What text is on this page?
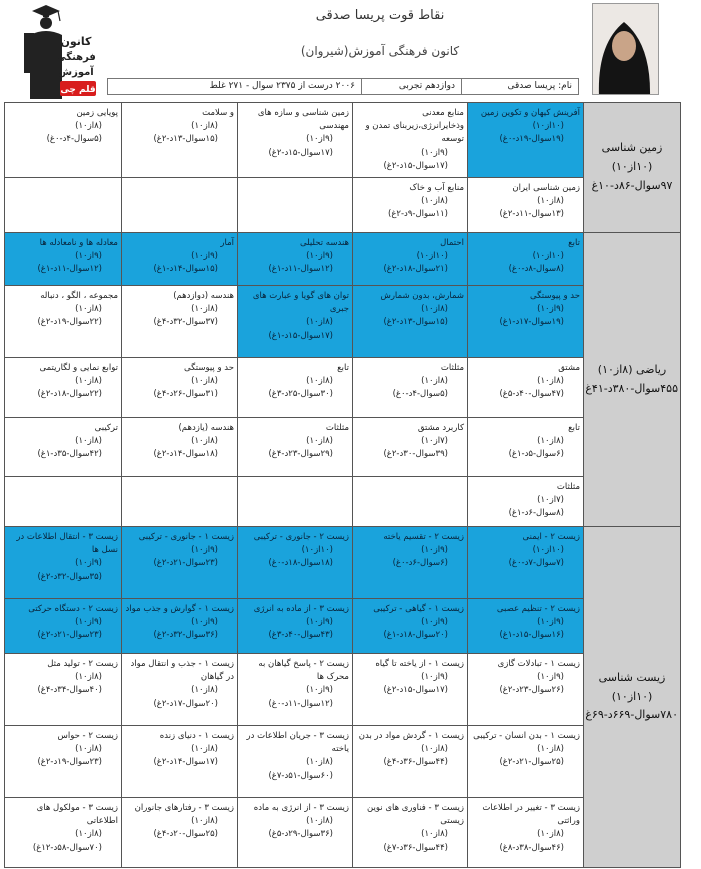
نقاط قوت پریسا صدقی
کانون فرهنگی آموزش(شیروان)
کانون
فرهنگی
آموزش
قلم چی	نام: پریسا صدقی
دوازدهم تجربی
۲۰۰۶ درست از ۲۳۷۵ سوال - ۲۷۱ غلط
زمین شناسی (۱۰از۱۰)
۹۷سوال-۸۶د-۱۰غ	آفرینش کیهان و تکوین زمین
(۱۰از۱۰)
(۱۹سوال-۱۹د-۰غ)	منابع معدنی وذخایرانرژی،زیربنای تمدن و توسعه
(۹از۱۰)
(۱۷سوال-۱۵د-۲غ)	زمین شناسی و سازه های مهندسی
(۹از۱۰)
(۱۷سوال-۱۵د-۲غ)	و سلامت
(۸از۱۰)
(۱۵سوال-۱۳د-۲غ)	پویایی زمین
(۸از۱۰)
(۵سوال-۴د-۰غ)

	زمین شناسی ایران
(۸از۱۰)
(۱۳سوال-۱۱د-۲غ)	منابع آب و خاک
(۸از۱۰)
(۱۱سوال-۹د-۲غ)			

ریاضی (۸از۱۰)
۴۵۵سوال-۳۸۰د-۴۱غ	تابع
(۱۰از۱۰)
(۸سوال-۸د-۰غ)	احتمال
(۱۰از۱۰)
(۲۱سوال-۱۸د-۲غ)	هندسه تحلیلی
(۹از۱۰)
(۱۲سوال-۱۱د-۱غ)	آمار
(۹از۱۰)
(۱۵سوال-۱۴د-۱غ)	معادله ها و نامعادله ها
(۹از۱۰)
(۱۲سوال-۱۱د-۱غ)

	حد و پیوستگی
(۹از۱۰)
(۱۹سوال-۱۷د-۱غ)	شمارش، بدون شمارش
(۸از۱۰)
(۱۵سوال-۱۳د-۲غ)	توان های گویا و عبارت های جبری
(۸از۱۰)
(۱۷سوال-۱۵د-۱غ)	هندسه (دوازدهم)
(۸از۱۰)
(۳۷سوال-۳۲د-۴غ)	مجموعه ، الگو ، دنباله
(۸از۱۰)
(۲۲سوال-۱۹د-۲غ)

	مشتق
(۸از۱۰)
(۴۷سوال-۴۰د-۵غ)	مثلثات
(۸از۱۰)
(۵سوال-۴د-۰غ)	تابع
(۸از۱۰)
(۳۰سوال-۲۵د-۳غ)	حد و پیوستگی
(۸از۱۰)
(۳۱سوال-۲۶د-۴غ)	توابع نمایی و لگاریتمی
(۸از۱۰)
(۲۲سوال-۱۸د-۲غ)

	تابع
(۸از۱۰)
(۶سوال-۵د-۱غ)	کاربرد مشتق
(۷از۱۰)
(۳۹سوال-۳۰د-۲غ)	مثلثات
(۸از۱۰)
(۲۹سوال-۲۳د-۴غ)	هندسه (یازدهم)
(۸از۱۰)
(۱۸سوال-۱۴د-۲غ)	ترکیبی
(۸از۱۰)
(۴۲سوال-۳۵د-۱غ)

	مثلثات
(۷از۱۰)
(۸سوال-۶د-۱غ)				

زیست شناسی (۱۰از۱۰)
۷۸۰سوال-۶۶۹د-۶۹غ	زیست ۲ - ایمنی
(۱۰از۱۰)
(۷سوال-۷د-۰غ)	زیست ۲ - تقسیم یاخته
(۹از۱۰)
(۶سوال-۶د-۰غ)	زیست ۲ - جانوری - ترکیبی
(۱۰از۱۰)
(۱۸سوال-۱۸د-۰غ)	زیست ۱ - جانوری - ترکیبی
(۹از۱۰)
(۲۳سوال-۲۱د-۲غ)	زیست ۳ - انتقال اطلاعات در نسل ها
(۹از۱۰)
(۳۵سوال-۳۲د-۲غ)

	زیست ۲ - تنظیم عصبی
(۹از۱۰)
(۱۶سوال-۱۵د-۱غ)	زیست ۱ - گیاهی - ترکیبی
(۹از۱۰)
(۲۰سوال-۱۸د-۱غ)	زیست ۳ - از ماده به انرژی
(۹از۱۰)
(۴۳سوال-۴۰د-۳غ)	زیست ۱ - گوارش و جذب مواد
(۹از۱۰)
(۳۶سوال-۳۲د-۲غ)	زیست ۲ - دستگاه حرکتی
(۹از۱۰)
(۲۳سوال-۲۱د-۲غ)

	زیست ۱ - تبادلات گازی
(۹از۱۰)
(۲۶سوال-۲۳د-۲غ)	زیست ۱ - از یاخته تا گیاه
(۹از۱۰)
(۱۷سوال-۱۵د-۲غ)	زیست ۲ - پاسخ گیاهان به محرک ها
(۹از۱۰)
(۱۲سوال-۱۱د-۰غ)	زیست ۱ - جذب و انتقال مواد در گیاهان
(۸از۱۰)
(۲۰سوال-۱۷د-۲غ)	زیست ۲ - تولید مثل
(۸از۱۰)
(۴۰سوال-۳۴د-۴غ)

	زیست ۱ - بدن انسان - ترکیبی
(۸از۱۰)
(۲۵سوال-۲۱د-۲غ)	زیست ۱ - گردش مواد در بدن
(۸از۱۰)
(۴۴سوال-۳۶د-۴غ)	زیست ۳ - جریان اطلاعات در یاخته
(۸از۱۰)
(۶۰سوال-۵۱د-۷غ)	زیست ۱ - دنیای زنده
(۸از۱۰)
(۱۷سوال-۱۴د-۲غ)	زیست ۲ - حواس
(۸از۱۰)
(۲۳سوال-۱۹د-۲غ)

	زیست ۳ - تغییر در اطلاعات وراثتی
(۸از۱۰)
(۴۶سوال-۳۸د-۸غ)	زیست ۳ - فناوری های نوین زیستی
(۸از۱۰)
(۴۴سوال-۳۶د-۷غ)	زیست ۳ - از انرژی به ماده
(۸از۱۰)
(۳۶سوال-۲۹د-۵غ)	زیست ۳ - رفتارهای جانوران
(۸از۱۰)
(۲۵سوال-۲۰د-۴غ)	زیست ۳ - مولکول های اطلاعاتی
(۸از۱۰)
(۷۰سوال-۵۸د-۱۲غ)
